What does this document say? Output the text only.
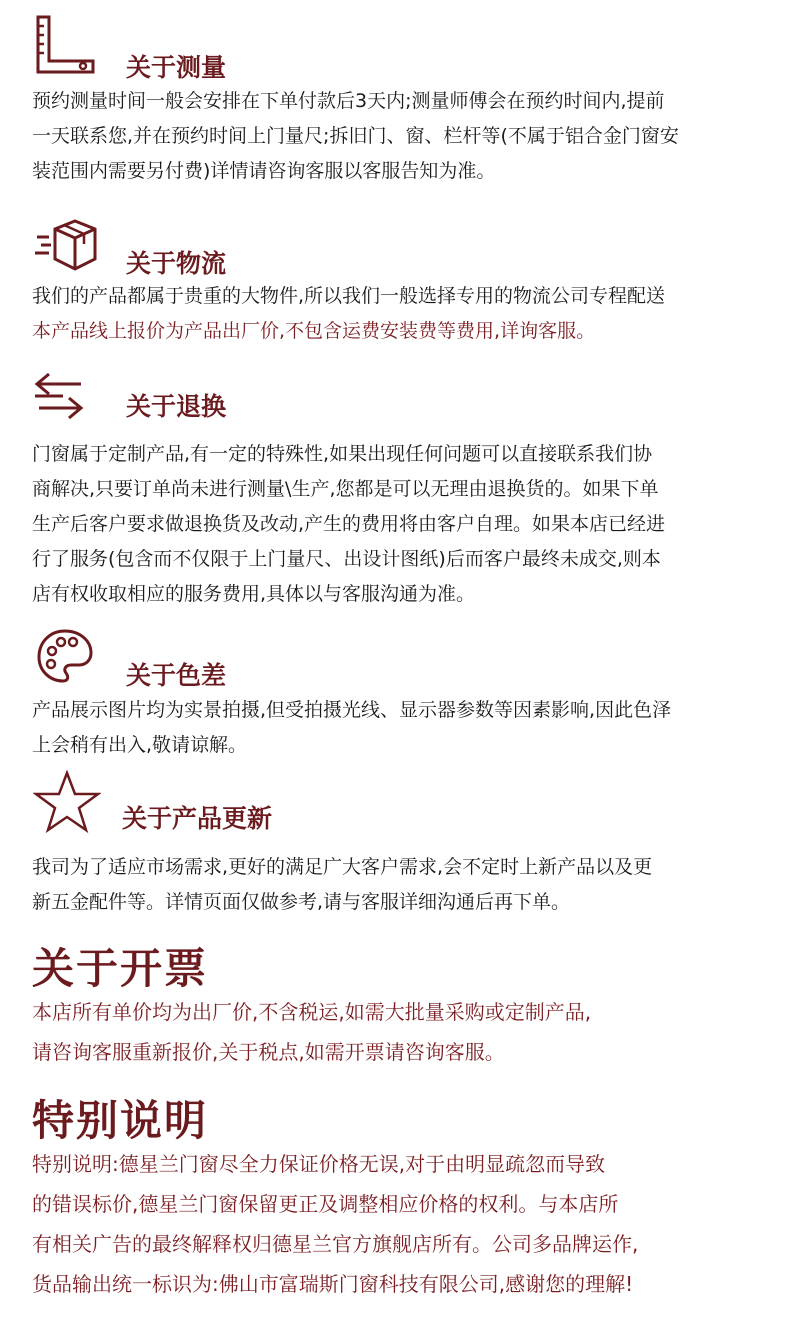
关于测量

预约测量时间一般会安排在下单付款后3天内;测量师傅会在预约时间内,提前
一天联系您,并在预约时间上门量尺;拆旧门、窗、栏杆等(不属于铝合金门窗安
装范围内需要另付费)详情请咨询客服以客服告知为准。

关于物流

我们的产品都属于贵重的大物件,所以我们一般选择专用的物流公司专程配送
本产品线上报价为产品出厂价,不包含运费安装费等费用,详询客服。

关于退换

门窗属于定制产品,有一定的特殊性,如果出现任何问题可以直接联系我们协
商解决,只要订单尚未进行测量\生产,您都是可以无理由退换货的。如果下单
生产后客户要求做退换货及改动,产生的费用将由客户自理。如果本店已经进
行了服务(包含而不仅限于上门量尺、出设计图纸)后而客户最终未成交,则本
店有权收取相应的服务费用,具体以与客服沟通为准。

关于色差

产品展示图片均为实景拍摄,但受拍摄光线、显示器参数等因素影响,因此色泽
上会稍有出入,敬请谅解。

关于产品更新

我司为了适应市场需求,更好的满足广大客户需求,会不定时上新产品以及更
新五金配件等。详情页面仅做参考,请与客服详细沟通后再下单。

关于开票

本店所有单价均为出厂价,不含税运,如需大批量采购或定制产品,
请咨询客服重新报价,关于税点,如需开票请咨询客服。

特别说明

特别说明:德星兰门窗尽全力保证价格无误,对于由明显疏忽而导致
的错误标价,德星兰门窗保留更正及调整相应价格的权利。与本店所
有相关广告的最终解释权归德星兰官方旗舰店所有。公司多品牌运作,
货品输出统一标识为:佛山市富瑞斯门窗科技有限公司,感谢您的理解!
